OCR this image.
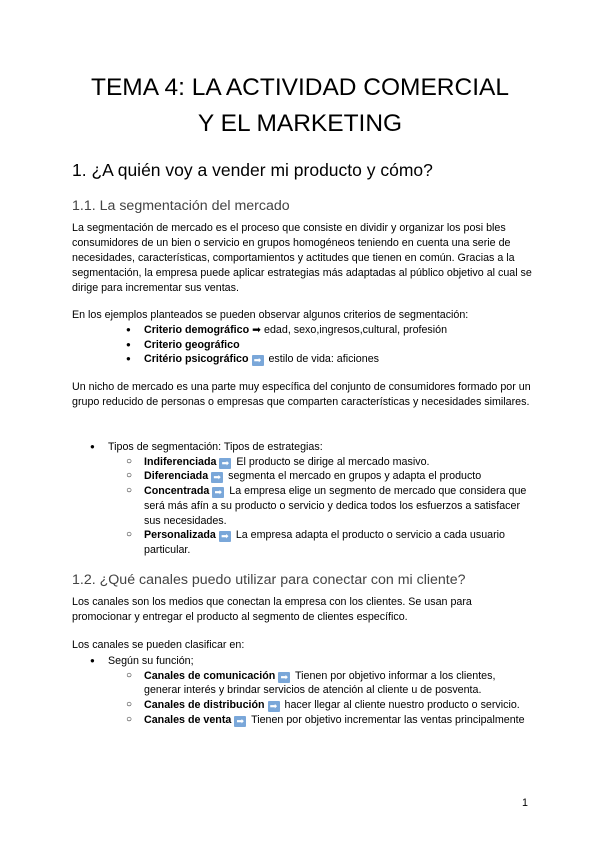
TEMA 4: LA ACTIVIDAD COMERCIAL
Y EL MARKETING
1. ¿A quién voy a vender mi producto y cómo?
1.1. La segmentación del mercado

La segmentación de mercado es el proceso que consiste en dividir y organizar los posi bles consumidores de un bien o servicio en grupos homogéneos teniendo en cuenta una serie de necesidades, características, comportamientos y actitudes que tienen en común. Gracias a la segmentación, la empresa puede aplicar estrategias más adaptadas al público objetivo al cual se dirige para incrementar sus ventas.

En los ejemplos planteados se pueden observar algunos criterios de segmentación:

● Criterio demográfico ➡ edad, sexo,ingresos,cultural, profesión
● Criterio geográfico
● Critério psicográfico ➡ estilo de vida: aficiones

Un nicho de mercado es una parte muy específica del conjunto de consumidores formado por un grupo reducido de personas o empresas que comparten características y necesidades similares.

● Tipos de segmentación: Tipos de estrategias:
○ Indiferenciada ➡ El producto se dirige al mercado masivo.
○ Diferenciada ➡ segmenta el mercado en grupos y adapta el producto
○ Concentrada ➡ La empresa elige un segmento de mercado que considera que será más afín a su producto o servicio y dedica todos los esfuerzos a satisfacer sus necesidades.
○ Personalizada ➡ La empresa adapta el producto o servicio a cada usuario particular.
1.2. ¿Qué canales puedo utilizar para conectar con mi cliente?

Los canales son los medios que conectan la empresa con los clientes. Se usan para promocionar y entregar el producto al segmento de clientes específico.

Los canales se pueden clasificar en:

● Según su función;
○ Canales de comunicación ➡ Tienen por objetivo informar a los clientes, generar interés y brindar servicios de atención al cliente u de posventa.
○ Canales de distribución ➡ hacer llegar al cliente nuestro producto o servicio.
○ Canales de venta ➡ Tienen por objetivo incrementar las ventas principalmente

1
